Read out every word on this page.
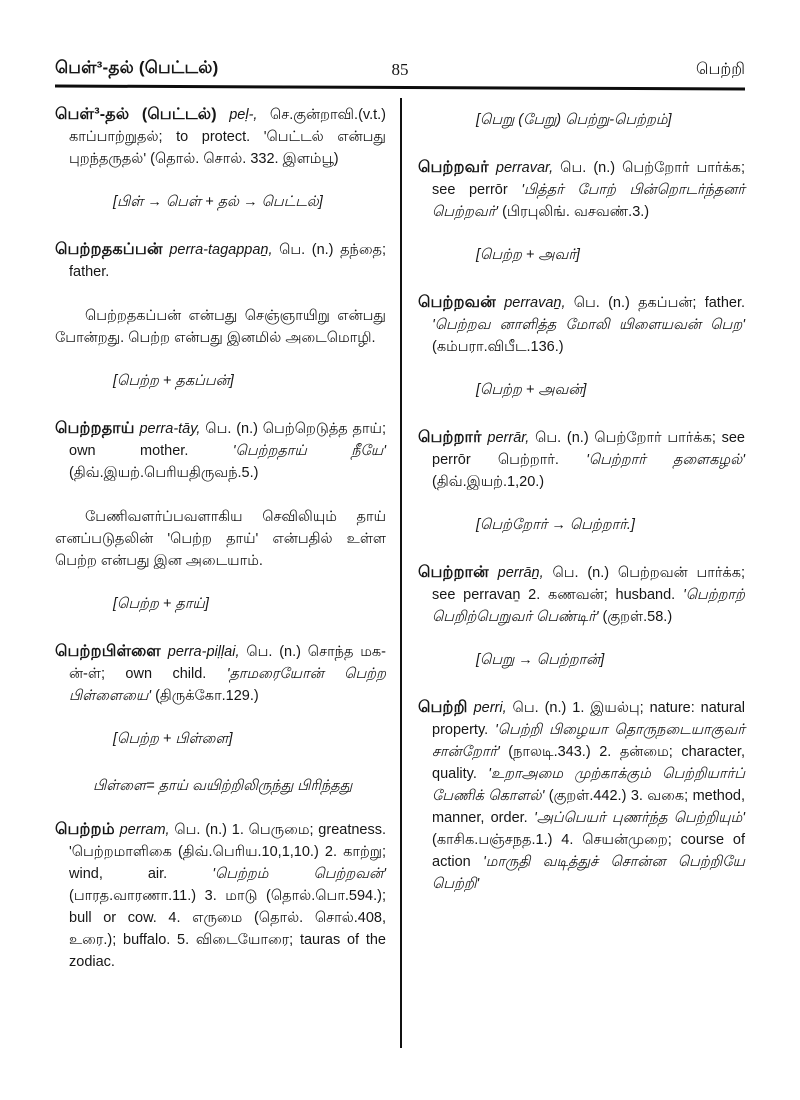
பெள்³-தல் (பெட்டல்)	85	பெற்றி
பெள்³-தல் (பெட்டல்) peḷ-, செ.குன்றாவி.(v.t.) காப்பாற்றுதல்; to protect. 'பெட்டல் என்பது புறந்தருதல்' (தொல். சொல். 332. இளம்பூ)
[பிள் → பெள் + தல் → பெட்டல்]
பெற்றதகப்பன் perra-tagappaṉ, பெ. (n.) தந்தை; father.
பெற்றதகப்பன் என்பது செஞ்ஞாயிறு என்பது போன்றது. பெற்ற என்பது இனமில் அடைமொழி.
[பெற்ற + தகப்பன்]
பெற்றதாய் perra-tāy, பெ. (n.) பெற்றெடுத்த தாய்; own mother. 'பெற்றதாய் நீயே' (திவ்.இயற்.பெரியதிருவந்.5.)
பேணிவளர்ப்பவளாகிய செவிலியும் தாய் எனப்படுதலின் 'பெற்ற தாய்' என்பதில் உள்ள பெற்ற என்பது இன அடையாம்.
[பெற்ற + தாய்]
பெற்றபிள்ளை perra-piḷḷai, பெ. (n.) சொந்த மக-ன்-ள்; own child. 'தாமரையோன் பெற்ற பிள்ளையை' (திருக்கோ.129.)
[பெற்ற + பிள்ளை]
பிள்ளை= தாய் வயிற்றிலிருந்து பிரிந்தது
பெற்றம் perram, பெ. (n.) 1. பெருமை; greatness. 'பெற்றமாளிகை (திவ்.பெரிய.10,1,10.) 2. காற்று; wind, air. 'பெற்றம் பெற்றவன்' (பாரத.வாரணா.11.) 3. மாடு (தொல்.பொ.594.); bull or cow. 4. எருமை (தொல். சொல்.408, உரை.); buffalo. 5. விடையோரை; tauras of the zodiac.
[பெறு (பேறு) பெற்று-பெற்றம்]
பெற்றவர் perravar, பெ. (n.) பெற்றோர் பார்க்க; see perrōr 'பித்தர் போற் பின்றொடர்ந்தனர் பெற்றவர்' (பிரபுலிங். வசவண்.3.)
[பெற்ற + அவர்]
பெற்றவன் perravaṉ, பெ. (n.) தகப்பன்; father. 'பெற்றவ னாளித்த மோலி யிளையவன் பெற' (கம்பரா.விபீட.136.)
[பெற்ற + அவன்]
பெற்றார் perrār, பெ. (n.) பெற்றோர் பார்க்க; see perrōr பெற்றார். 'பெற்றார் தளைகழல்' (திவ்.இயற்.1,20.)
[பெற்றோர் → பெற்றார்.]
பெற்றான் perrāṉ, பெ. (n.) பெற்றவன் பார்க்க; see perravaṉ 2. கணவன்; husband. 'பெற்றாற் பெறிற்பெறுவர் பெண்டிர்' (குறள்.58.)
[பெறு → பெற்றான்]
பெற்றி perri, பெ. (n.) 1. இயல்பு; nature: natural property. 'பெற்றி பிழையா தொருநடையாகுவர் சான்றோர்' (நாலடி.343.) 2. தன்மை; character, quality. 'உறாஅமை முற்காக்கும் பெற்றியார்ப் பேணிக் கொளல்' (குறள்.442.) 3. வகை; method, manner, order. 'அப்பெயர் புணர்ந்த பெற்றியும்' (காசிக.பஞ்சநத.1.) 4. செயன்முறை; course of action 'மாருதி வடித்துச் சொன்ன பெற்றியே பெற்றி'
